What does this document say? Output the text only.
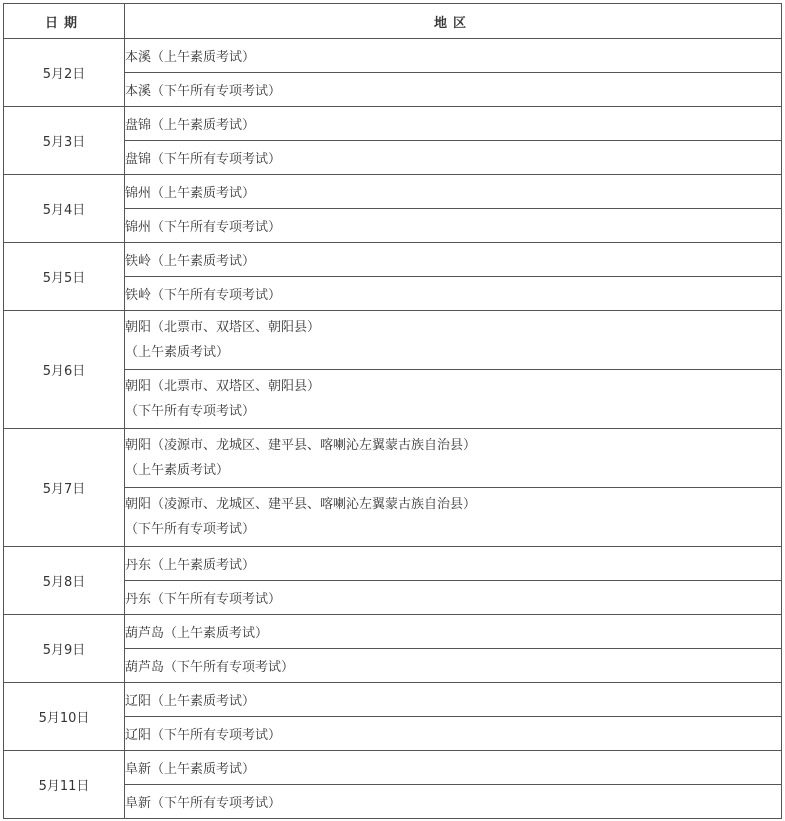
日期	地区
5月2日	本溪（上午素质考试）
	本溪（下午所有专项考试）
5月3日	盘锦（上午素质考试）
	盘锦（下午所有专项考试）
5月4日	锦州（上午素质考试）
	锦州（下午所有专项考试）
5月5日	铁岭（上午素质考试）
	铁岭（下午所有专项考试）
5月6日	朝阳（北票市、双塔区、朝阳县）
（上午素质考试）

	朝阳（北票市、双塔区、朝阳县）
（下午所有专项考试）

5月7日	朝阳（凌源市、龙城区、建平县、喀喇沁左翼蒙古族自治县）
（上午素质考试）

	朝阳（凌源市、龙城区、建平县、喀喇沁左翼蒙古族自治县）
（下午所有专项考试）

5月8日	丹东（上午素质考试）
	丹东（下午所有专项考试）
5月9日	葫芦岛（上午素质考试）
	葫芦岛（下午所有专项考试）
5月10日	辽阳（上午素质考试）
	辽阳（下午所有专项考试）
5月11日	阜新（上午素质考试）
	阜新（下午所有专项考试）
